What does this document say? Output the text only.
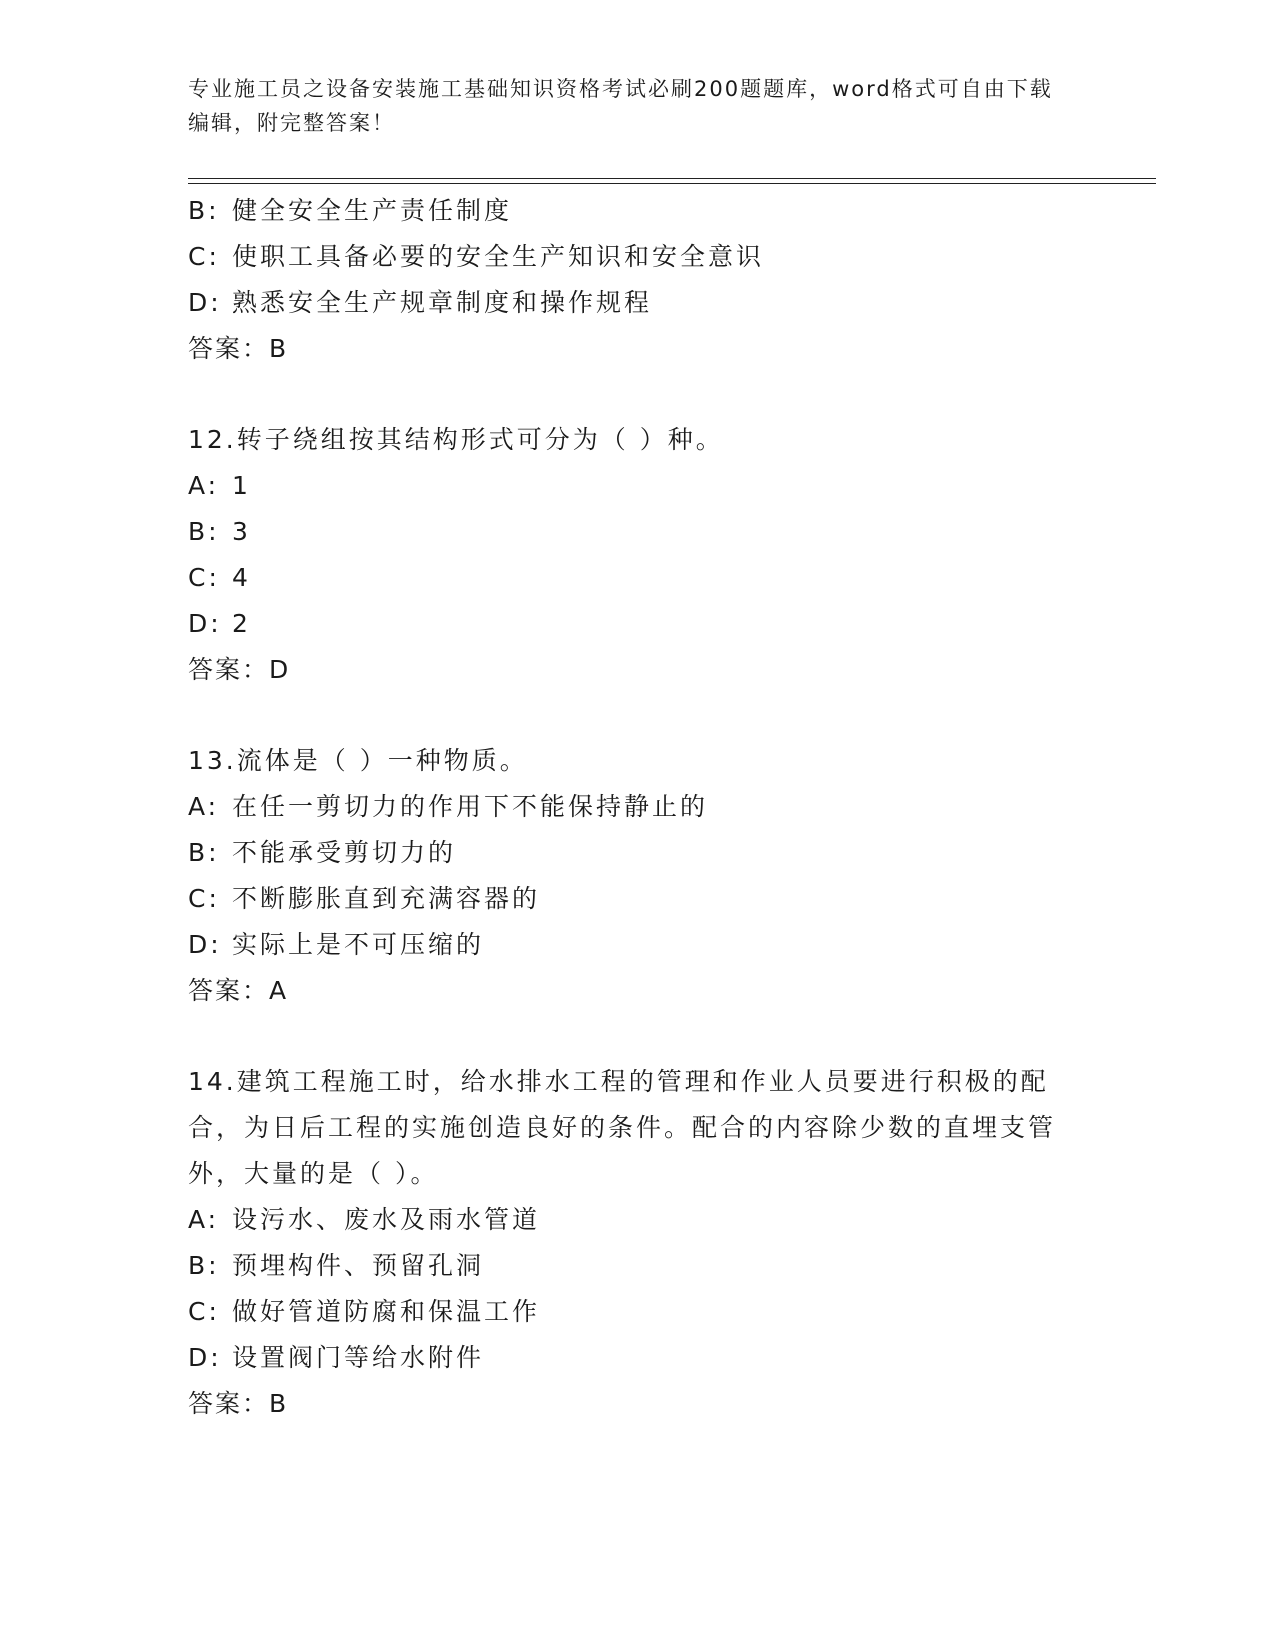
专业施工员之设备安装施工基础知识资格考试必刷200题题库，word格式可自由下载编辑，附完整答案！
B: 健全安全生产责任制度
C: 使职工具备必要的安全生产知识和安全意识
D: 熟悉安全生产规章制度和操作规程
答案：B
12.转子绕组按其结构形式可分为（ ）种。
A: 1
B: 3
C: 4
D: 2
答案：D
13.流体是（ ）一种物质。
A: 在任一剪切力的作用下不能保持静止的
B: 不能承受剪切力的
C: 不断膨胀直到充满容器的
D: 实际上是不可压缩的
答案：A
14.建筑工程施工时，给水排水工程的管理和作业人员要进行积极的配合，为日后工程的实施创造良好的条件。配合的内容除少数的直埋支管外，大量的是（ ）。
A: 设污水、废水及雨水管道
B: 预埋构件、预留孔洞
C: 做好管道防腐和保温工作
D: 设置阀门等给水附件
答案：B
